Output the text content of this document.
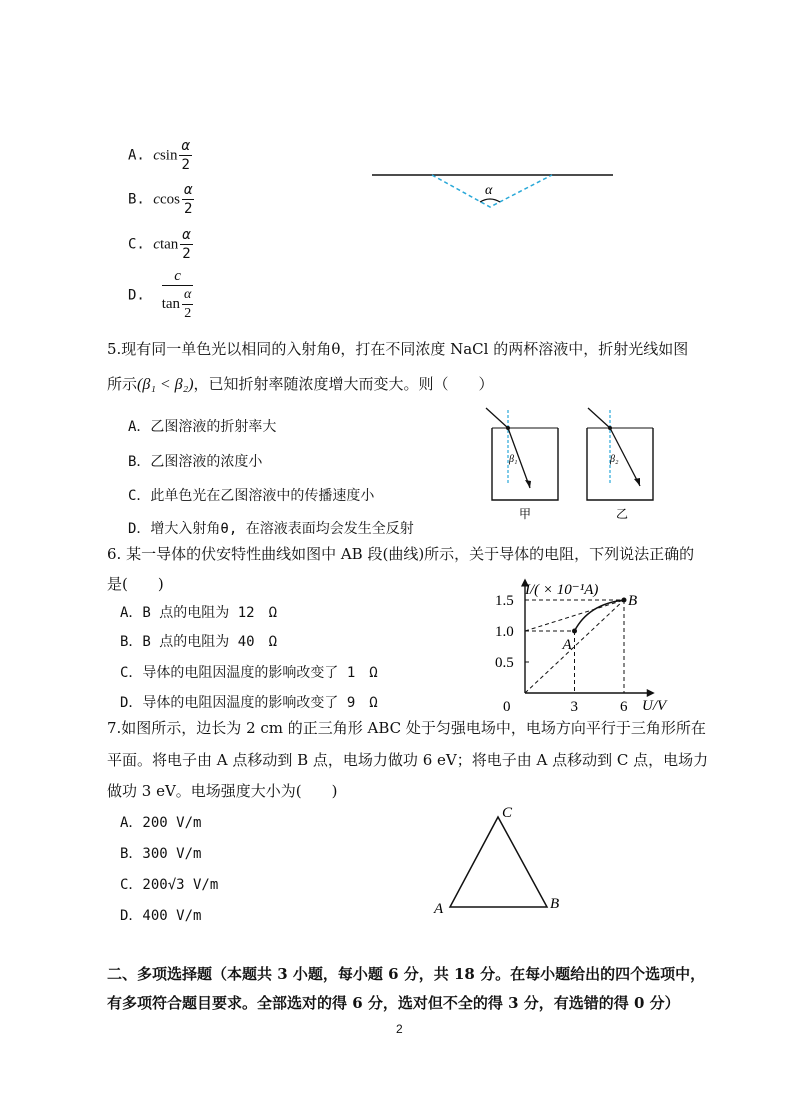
A. csin $\frac{\alpha}{2}$
B. ccos $\frac{\alpha}{2}$
C. ctan $\frac{\alpha}{2}$
D. $\frac{c}{\tan \frac{\alpha}{2}}$
α
5.现有同一单色光以相同的入射角θ，打在不同浓度 NaCl 的两杯溶液中，折射光线如图
所示(β₁ < β₂)，已知折射率随浓度增大而变大。则（　　）
A．乙图溶液的折射率大
B．乙图溶液的浓度小
C．此单色光在乙图溶液中的传播速度小
D．增大入射角θ, 在溶液表面均会发生全反射
β₁
甲
β₂
乙
6. 某一导体的伏安特性曲线如图中 AB 段(曲线)所示，关于导体的电阻，下列说法正确的
是(　　)
A．B 点的电阻为 12　Ω
B．B 点的电阻为 40　Ω
C．导体的电阻因温度的影响改变了 1　Ω
D．导体的电阻因温度的影响改变了 9　Ω
0.5
1.0
1.5
0	3	6
A
B
I/( × 10⁻¹A)
U/V
7.如图所示，边长为 2 cm 的正三角形 ABC 处于匀强电场中，电场方向平行于三角形所在
平面。将电子由 A 点移动到 B 点，电场力做功 6 eV；将电子由 A 点移动到 C 点，电场力
做功 3 eV。电场强度大小为(　　)
A．200 V/m
B．300 V/m
C．200√3 V/m
D．400 V/m	A	B
C
二、多项选择题（本题共 3 小题，每小题 6 分，共 18 分。在每小题给出的四个选项中，
有多项符合题目要求。全部选对的得 6 分，选对但不全的得 3 分，有选错的得 0 分）
2
